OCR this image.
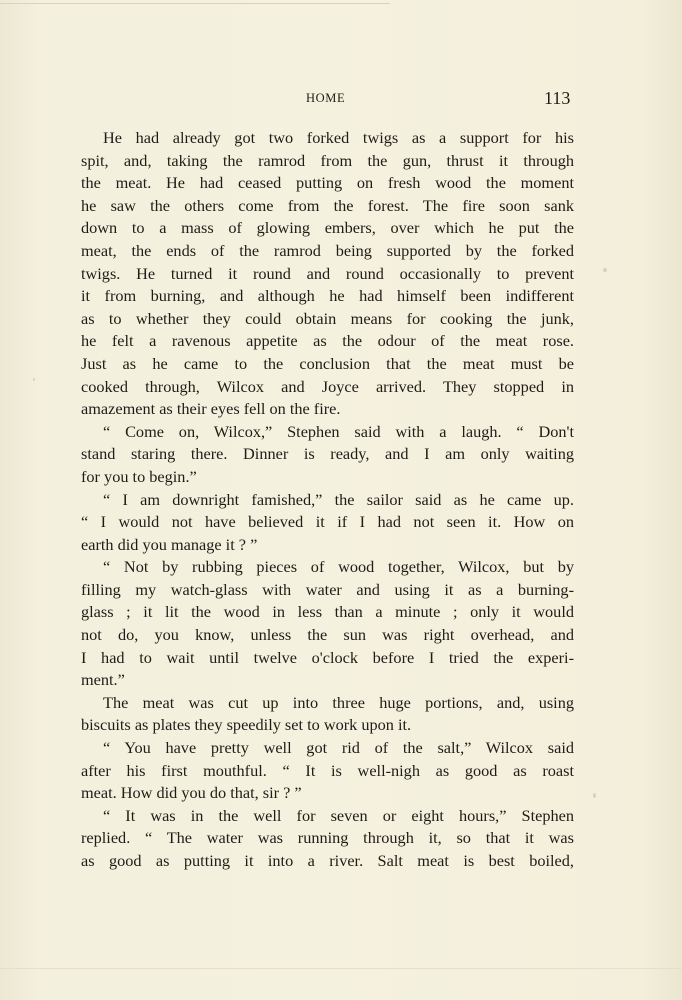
HOME	113
He had already got two forked twigs as a support for his
spit, and, taking the ramrod from the gun, thrust it through
the meat. He had ceased putting on fresh wood the moment
he saw the others come from the forest. The fire soon sank
down to a mass of glowing embers, over which he put the
meat, the ends of the ramrod being supported by the forked
twigs. He turned it round and round occasionally to prevent
it from burning, and although he had himself been indifferent
as to whether they could obtain means for cooking the junk,
he felt a ravenous appetite as the odour of the meat rose.
Just as he came to the conclusion that the meat must be
cooked through, Wilcox and Joyce arrived. They stopped in
amazement as their eyes fell on the fire.
“ Come on, Wilcox,” Stephen said with a laugh. “ Don't
stand staring there. Dinner is ready, and I am only waiting
for you to begin.”
“ I am downright famished,” the sailor said as he came up.
“ I would not have believed it if I had not seen it. How on
earth did you manage it ? ”
“ Not by rubbing pieces of wood together, Wilcox, but by
filling my watch-glass with water and using it as a burning-
glass ; it lit the wood in less than a minute ; only it would
not do, you know, unless the sun was right overhead, and
I had to wait until twelve o'clock before I tried the experi-
ment.”
The meat was cut up into three huge portions, and, using
biscuits as plates they speedily set to work upon it.
“ You have pretty well got rid of the salt,” Wilcox said
after his first mouthful. “ It is well-nigh as good as roast
meat. How did you do that, sir ? ”
“ It was in the well for seven or eight hours,” Stephen
replied. “ The water was running through it, so that it was
as good as putting it into a river. Salt meat is best boiled,
